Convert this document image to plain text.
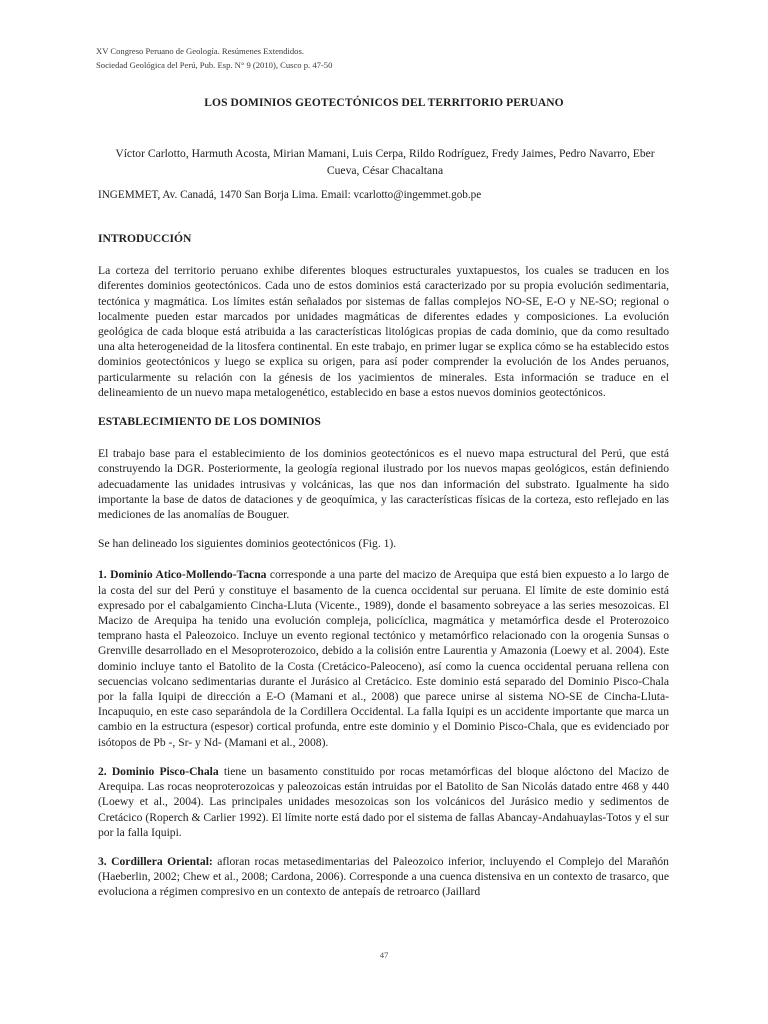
XV Congreso Peruano de Geología. Resúmenes Extendidos.
Sociedad Geológica del Perú, Pub. Esp. N° 9 (2010), Cusco p. 47-50
LOS DOMINIOS GEOTECTÓNICOS DEL TERRITORIO PERUANO
Víctor Carlotto, Harmuth Acosta, Mirian Mamani, Luis Cerpa, Rildo Rodríguez, Fredy Jaimes, Pedro Navarro, Eber Cueva, César Chacaltana
INGEMMET, Av. Canadá, 1470 San Borja Lima. Email: vcarlotto@ingemmet.gob.pe
INTRODUCCIÓN

La corteza del territorio peruano exhibe diferentes bloques estructurales yuxtapuestos, los cuales se traducen en los diferentes dominios geotectónicos. Cada uno de estos dominios está caracterizado por su propia evolución sedimentaria, tectónica y magmática. Los límites están señalados por sistemas de fallas complejos NO-SE, E-O y NE-SO; regional o localmente pueden estar marcados por unidades magmáticas de diferentes edades y composiciones. La evolución geológica de cada bloque está atribuida a las características litológicas propias de cada dominio, que da como resultado una alta heterogeneidad de la litosfera continental. En este trabajo, en primer lugar se explica cómo se ha establecido estos dominios geotectónicos y luego se explica su origen, para así poder comprender la evolución de los Andes peruanos, particularmente su relación con la génesis de los yacimientos de minerales. Esta información se traduce en el delineamiento de un nuevo mapa metalogenético, establecido en base a estos nuevos dominios geotectónicos.

ESTABLECIMIENTO DE LOS DOMINIOS

El trabajo base para el establecimiento de los dominios geotectónicos es el nuevo mapa estructural del Perú, que está construyendo la DGR. Posteriormente, la geología regional ilustrado por los nuevos mapas geológicos, están definiendo adecuadamente las unidades intrusivas y volcánicas, las que nos dan información del substrato. Igualmente ha sido importante la base de datos de dataciones y de geoquímica, y las características físicas de la corteza, esto reflejado en las mediciones de las anomalías de Bouguer.

Se han delineado los siguientes dominios geotectónicos (Fig. 1).

1. Dominio Atico-Mollendo-Tacna corresponde a una parte del macizo de Arequipa que está bien expuesto a lo largo de la costa del sur del Perú y constituye el basamento de la cuenca occidental sur peruana. El límite de este dominio está expresado por el cabalgamiento Cincha-Lluta (Vicente., 1989), donde el basamento sobreyace a las series mesozoicas. El Macizo de Arequipa ha tenido una evolución compleja, policíclica, magmática y metamórfica desde el Proterozoico temprano hasta el Paleozoico. Incluye un evento regional tectónico y metamórfico relacionado con la orogenia Sunsas o Grenville desarrollado en el Mesoproterozoico, debido a la colisión entre Laurentia y Amazonia (Loewy et al. 2004). Este dominio incluye tanto el Batolito de la Costa (Cretácico-Paleoceno), así como la cuenca occidental peruana rellena con secuencias volcano sedimentarias durante el Jurásico al Cretácico. Este dominio está separado del Dominio Pisco-Chala por la falla Iquipi de dirección a E-O (Mamani et al., 2008) que parece unirse al sistema NO-SE de Cincha-Lluta-Incapuquio, en este caso separándola de la Cordillera Occidental. La falla Iquipi es un accidente importante que marca un cambio en la estructura (espesor) cortical profunda, entre este dominio y el Dominio Pisco-Chala, que es evidenciado por isótopos de Pb -, Sr- y Nd- (Mamani et al., 2008).

2. Dominio Pisco-Chala tiene un basamento constituido por rocas metamórficas del bloque alóctono del Macizo de Arequipa. Las rocas neoproterozoicas y paleozoicas están intruidas por el Batolito de San Nicolás datado entre 468 y 440 (Loewy et al., 2004). Las principales unidades mesozoicas son los volcánicos del Jurásico medio y sedimentos de Cretácico (Roperch & Carlier 1992). El límite norte está dado por el sistema de fallas Abancay-Andahuaylas-Totos y el sur por la falla Iquipi.

3. Cordillera Oriental: afloran rocas metasedimentarias del Paleozoico inferior, incluyendo el Complejo del Marañón (Haeberlin, 2002; Chew et al., 2008; Cardona, 2006). Corresponde a una cuenca distensiva en un contexto de trasarco, que evoluciona a régimen compresivo en un contexto de antepaís de retroarco (Jaillard

47
